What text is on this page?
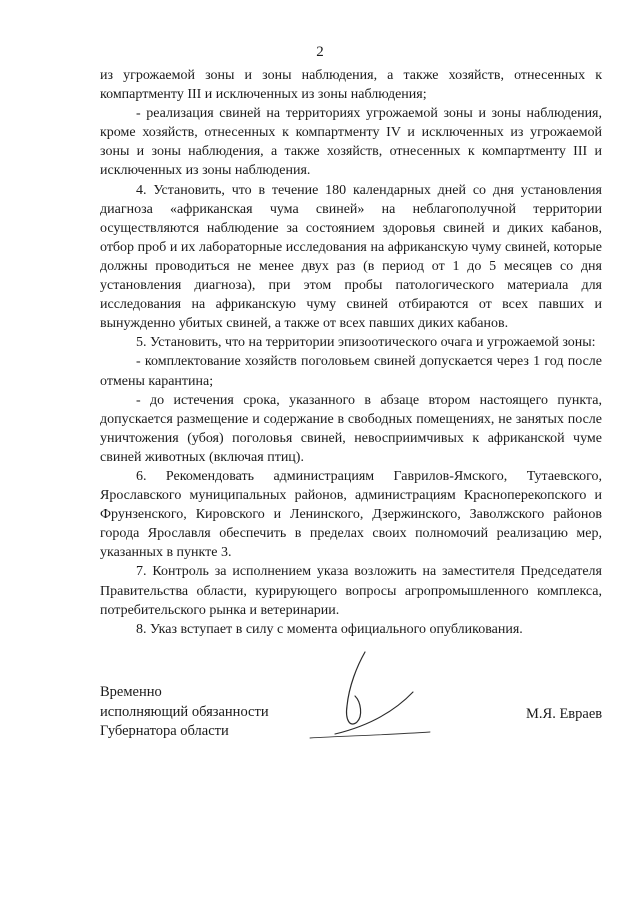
2

из угрожаемой зоны и зоны наблюдения, а также хозяйств, отнесенных к компартменту III и исключенных из зоны наблюдения;

- реализация свиней на территориях угрожаемой зоны и зоны наблюдения, кроме хозяйств, отнесенных к компартменту IV и исключенных из угрожаемой зоны и зоны наблюдения, а также хозяйств, отнесенных к компартменту III и исключенных из зоны наблюдения.

4. Установить, что в течение 180 календарных дней со дня установления диагноза «африканская чума свиней» на неблагополучной территории осуществляются наблюдение за состоянием здоровья свиней и диких кабанов, отбор проб и их лабораторные исследования на африканскую чуму свиней, которые должны проводиться не менее двух раз (в период от 1 до 5 месяцев со дня установления диагноза), при этом пробы патологического материала для исследования на африканскую чуму свиней отбираются от всех павших и вынужденно убитых свиней, а также от всех павших диких кабанов.

5. Установить, что на территории эпизоотического очага и угрожаемой зоны:

- комплектование хозяйств поголовьем свиней допускается через 1 год после отмены карантина;

- до истечения срока, указанного в абзаце втором настоящего пункта, допускается размещение и содержание в свободных помещениях, не занятых после уничтожения (убоя) поголовья свиней, невосприимчивых к африканской чуме свиней животных (включая птиц).

6. Рекомендовать администрациям Гаврилов-Ямского, Тутаевского, Ярославского муниципальных районов, администрациям Красноперекопского и Фрунзенского, Кировского и Ленинского, Дзержинского, Заволжского районов города Ярославля обеспечить в пределах своих полномочий реализацию мер, указанных в пункте 3.

7. Контроль за исполнением указа возложить на заместителя Председателя Правительства области, курирующего вопросы агропромышленного комплекса, потребительского рынка и ветеринарии.

8. Указ вступает в силу с момента официального опубликования.

Временно
исполняющий обязанности
Губернатора области
М.Я. Евраев
